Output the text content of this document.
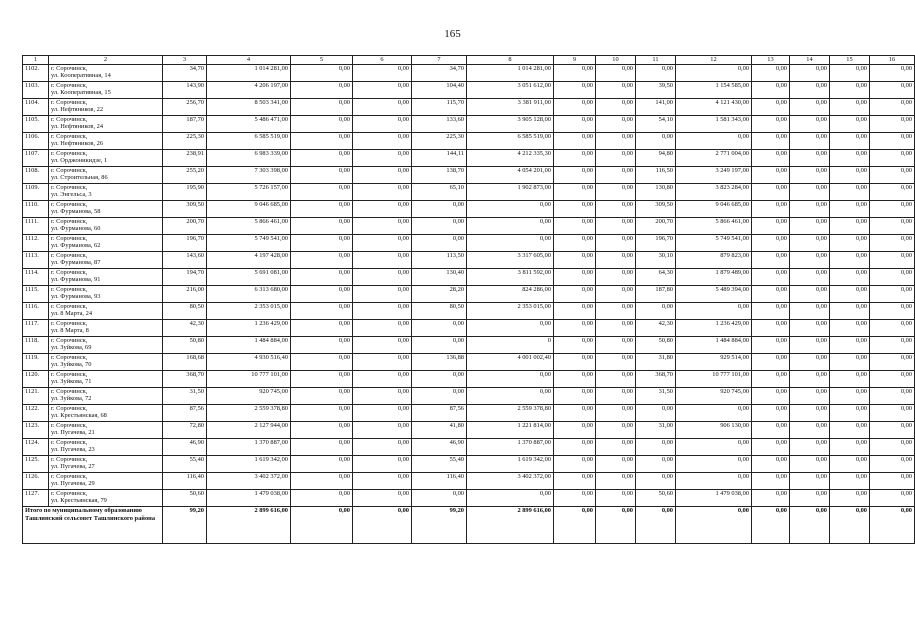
165
1	2	3	4	5	6	7	8	9	10	11	12	13	14	15	16
1102.	г. Сорочинск,
ул. Кооперативная, 14	34,70	1 014 281,00	0,00	0,00	34,70	1 014 281,00	0,00	0,00	0,00	0,00	0,00	0,00	0,00	0,00
1103.	г. Сорочинск,
ул. Кооперативная, 15	143,90	4 206 197,00	0,00	0,00	104,40	3 051 612,00	0,00	0,00	39,50	1 154 585,00	0,00	0,00	0,00	0,00
1104.	г. Сорочинск,
ул. Нефтяников, 22	256,70	8 503 341,00	0,00	0,00	115,70	3 381 911,00	0,00	0,00	141,00	4 121 430,00	0,00	0,00	0,00	0,00
1105.	г. Сорочинск,
ул. Нефтяников, 24	187,70	5 486 471,00	0,00	0,00	133,60	3 905 128,00	0,00	0,00	54,10	1 581 343,00	0,00	0,00	0,00	0,00
1106.	г. Сорочинск,
ул. Нефтяников, 26	225,30	6 585 519,00	0,00	0,00	225,30	6 585 519,00	0,00	0,00	0,00	0,00	0,00	0,00	0,00	0,00
1107.	г. Сорочинск,
ул. Орджоникидзе, 1	238,91	6 983 339,00	0,00	0,00	144,11	4 212 335,30	0,00	0,00	94,80	2 771 004,00	0,00	0,00	0,00	0,00
1108.	г. Сорочинск,
ул. Строительная, 86	255,20	7 303 398,00	0,00	0,00	138,70	4 054 201,00	0,00	0,00	116,50	3 249 197,00	0,00	0,00	0,00	0,00
1109.	г. Сорочинск,
ул. Энгельса, 3	195,90	5 726 157,00	0,00	0,00	65,10	1 902 873,00	0,00	0,00	130,80	3 823 284,00	0,00	0,00	0,00	0,00
1110.	г. Сорочинск,
ул. Фурманова, 58	309,50	9 046 685,00	0,00	0,00	0,00	0,00	0,00	0,00	309,50	9 046 685,00	0,00	0,00	0,00	0,00
1111.	г. Сорочинск,
ул. Фурманова, 60	200,70	5 866 461,00	0,00	0,00	0,00	0,00	0,00	0,00	200,70	5 866 461,00	0,00	0,00	0,00	0,00
1112.	г. Сорочинск,
ул. Фурманова, 62	196,70	5 749 541,00	0,00	0,00	0,00	0,00	0,00	0,00	196,70	5 749 541,00	0,00	0,00	0,00	0,00
1113.	г. Сорочинск,
ул. Фурманова, 87	143,60	4 197 428,00	0,00	0,00	113,50	3 317 605,00	0,00	0,00	30,10	879 823,00	0,00	0,00	0,00	0,00
1114.	г. Сорочинск,
ул. Фурманова, 91	194,70	5 691 081,00	0,00	0,00	130,40	3 811 592,00	0,00	0,00	64,30	1 879 489,00	0,00	0,00	0,00	0,00
1115.	г. Сорочинск,
ул. Фурманова, 93	216,00	6 313 680,00	0,00	0,00	28,20	824 286,00	0,00	0,00	187,80	5 489 394,00	0,00	0,00	0,00	0,00
1116.	г. Сорочинск,
ул. 8 Марта, 24	80,50	2 353 015,00	0,00	0,00	80,50	2 353 015,00	0,00	0,00	0,00	0,00	0,00	0,00	0,00	0,00
1117.	г. Сорочинск,
ул. 8 Марта, 8	42,30	1 236 429,00	0,00	0,00	0,00	0,00	0,00	0,00	42,30	1 236 429,00	0,00	0,00	0,00	0,00
1118.	г. Сорочинск,
ул. Зуйкова, 69	50,80	1 484 884,00	0,00	0,00	0,00	0	0,00	0,00	50,80	1 484 884,00	0,00	0,00	0,00	0,00
1119.	г. Сорочинск,
ул. Зуйкова, 70	168,68	4 930 516,40	0,00	0,00	136,88	4 001 002,40	0,00	0,00	31,80	929 514,00	0,00	0,00	0,00	0,00
1120.	г. Сорочинск,
ул. Зуйкова, 71	368,70	10 777 101,00	0,00	0,00	0,00	0,00	0,00	0,00	368,70	10 777 101,00	0,00	0,00	0,00	0,00
1121.	г. Сорочинск,
ул. Зуйкова, 72	31,50	920 745,00	0,00	0,00	0,00	0,00	0,00	0,00	31,50	920 745,00	0,00	0,00	0,00	0,00
1122.	г. Сорочинск,
ул. Крестьянская, 68	87,56	2 559 378,80	0,00	0,00	87,56	2 559 378,80	0,00	0,00	0,00	0,00	0,00	0,00	0,00	0,00
1123.	г. Сорочинск,
ул. Пугачева, 21	72,80	2 127 944,00	0,00	0,00	41,80	1 221 814,00	0,00	0,00	31,00	906 130,00	0,00	0,00	0,00	0,00
1124.	г. Сорочинск,
ул. Пугачева, 23	46,90	1 370 887,00	0,00	0,00	46,90	1 370 887,00	0,00	0,00	0,00	0,00	0,00	0,00	0,00	0,00
1125.	г. Сорочинск,
ул. Пугачева, 27	55,40	1 619 342,00	0,00	0,00	55,40	1 619 342,00	0,00	0,00	0,00	0,00	0,00	0,00	0,00	0,00
1126.	г. Сорочинск,
ул. Пугачева, 29	116,40	3 402 372,00	0,00	0,00	116,40	3 402 372,00	0,00	0,00	0,00	0,00	0,00	0,00	0,00	0,00
1127.	г. Сорочинск,
ул. Крестьянская, 79	50,60	1 479 038,00	0,00	0,00	0,00	0,00	0,00	0,00	50,60	1 479 038,00	0,00	0,00	0,00	0,00
Итого по муниципальному образованию Ташлинский сельсовет Ташлинского района		99,20	2 899 616,00	0,00	0,00	99,20	2 899 616,00	0,00	0,00	0,00	0,00	0,00	0,00	0,00	0,00
